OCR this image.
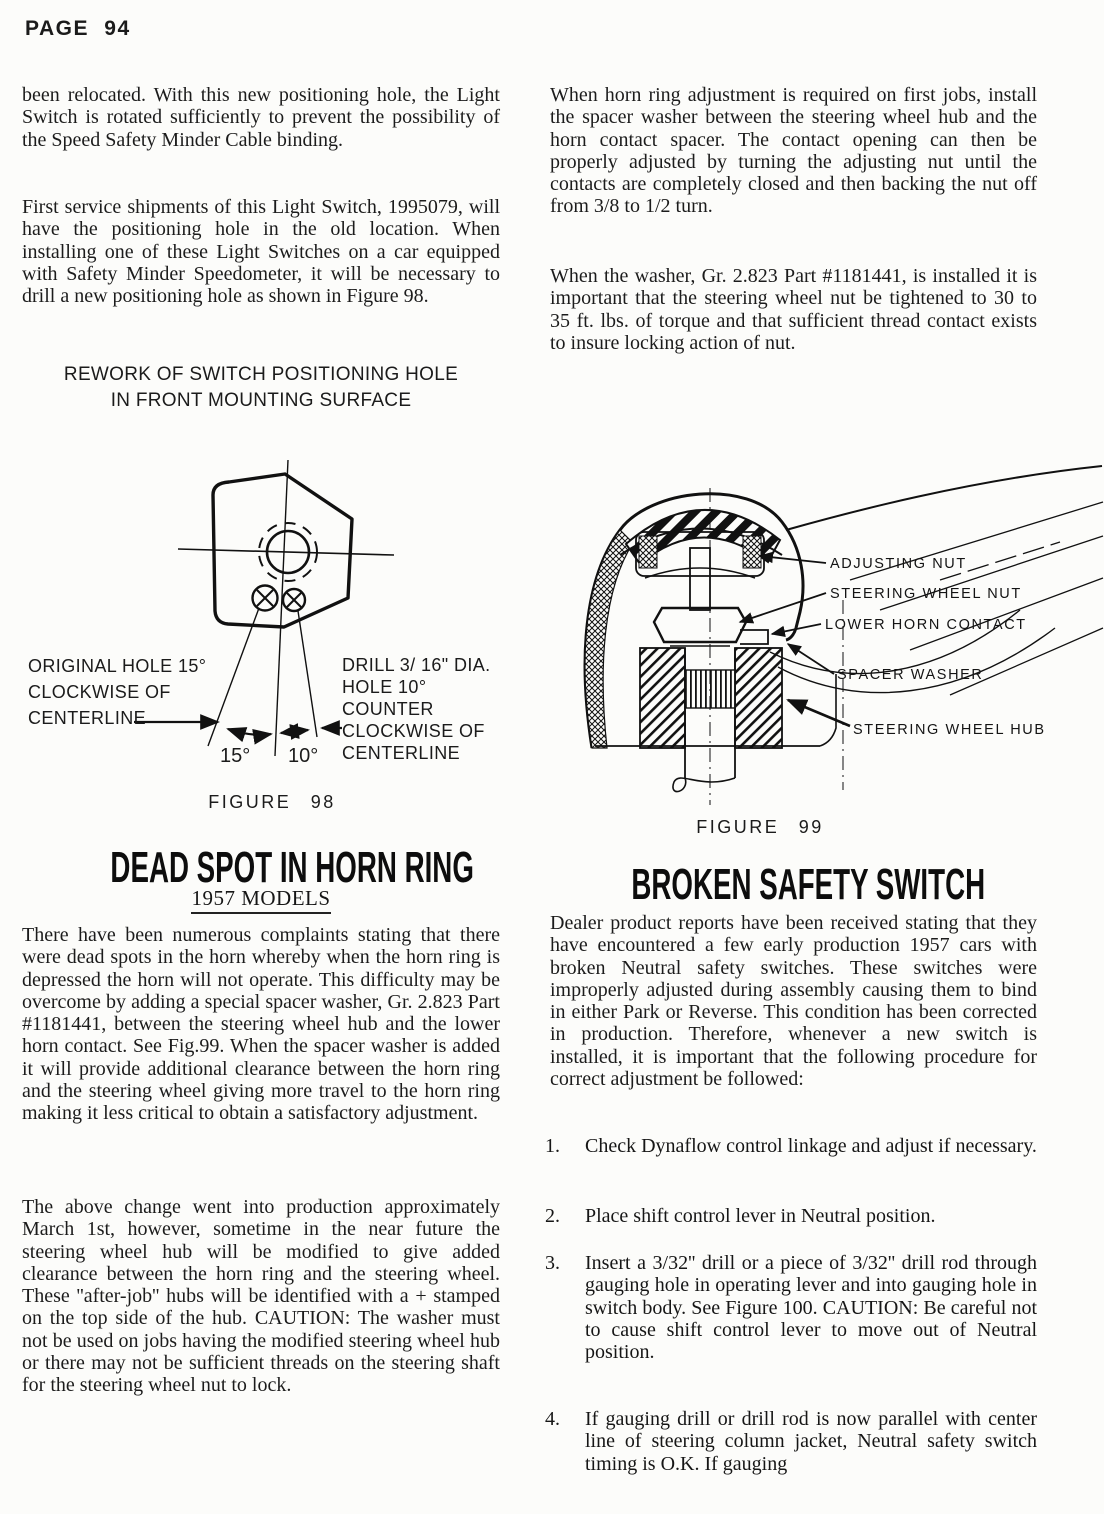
PAGE 94
been relocated. With this new positioning hole, the Light Switch is rotated sufficiently to prevent the possibility of the Speed Safety Minder Cable binding.
First service shipments of this Light Switch, 1995079, will have the positioning hole in the old location. When installing one of these Light Switches on a car equipped with Safety Minder Speedometer, it will be necessary to drill a new positioning hole as shown in Figure 98.
REWORK OF SWITCH POSITIONING HOLE
IN FRONT MOUNTING SURFACE
ORIGINAL HOLE 15°
CLOCKWISE OF
CENTERLINE
DRILL 3/ 16" DIA.
HOLE 10° COUNTER
CLOCKWISE OF
CENTERLINE
15° 10°
FIGURE 98
DEAD SPOT IN HORN RING
1957 MODELS
There have been numerous complaints stating that there were dead spots in the horn whereby when the horn ring is depressed the horn will not operate. This difficulty may be overcome by adding a special spacer washer, Gr. 2.823 Part #1181441, between the steering wheel hub and the lower horn contact. See Fig.99. When the spacer washer is added it will provide additional clearance between the horn ring and the steering wheel giving more travel to the horn ring making it less critical to obtain a satisfactory adjustment.
The above change went into production approximately March 1st, however, sometime in the near future the steering wheel hub will be modified to give added clearance between the horn ring and the steering wheel. These ''after-job'' hubs will be identified with a + stamped on the top side of the hub. CAUTION: The washer must not be used on jobs having the modified steering wheel hub or there may not be sufficient threads on the steering shaft for the steering wheel nut to lock.
When horn ring adjustment is required on first jobs, install the spacer washer between the steering wheel hub and the horn contact spacer. The contact opening can then be properly adjusted by turning the adjusting nut until the contacts are completely closed and then backing the nut off from 3/8 to 1/2 turn.
When the washer, Gr. 2.823 Part #1181441, is installed it is important that the steering wheel nut be tightened to 30 to 35 ft. lbs. of torque and that sufficient thread contact exists to insure locking action of nut.
ADJUSTING NUT
STEERING WHEEL NUT
LOWER HORN CONTACT
SPACER WASHER
STEERING WHEEL HUB
FIGURE 99
BROKEN SAFETY SWITCH
Dealer product reports have been received stating that they have encountered a few early production 1957 cars with broken Neutral safety switches. These switches were improperly adjusted during assembly causing them to bind in either Park or Reverse. This condition has been corrected in production. Therefore, whenever a new switch is installed, it is important that the following procedure for correct adjustment be followed:
1. Check Dynaflow control linkage and adjust if necessary.
2. Place shift control lever in Neutral position.
3. Insert a 3/32'' drill or a piece of 3/32'' drill rod through gauging hole in operating lever and into gauging hole in switch body. See Figure 100. CAUTION: Be careful not to cause shift control lever to move out of Neutral position.
4. If gauging drill or drill rod is now parallel with center line of steering column jacket, Neutral safety switch timing is O.K. If gauging
